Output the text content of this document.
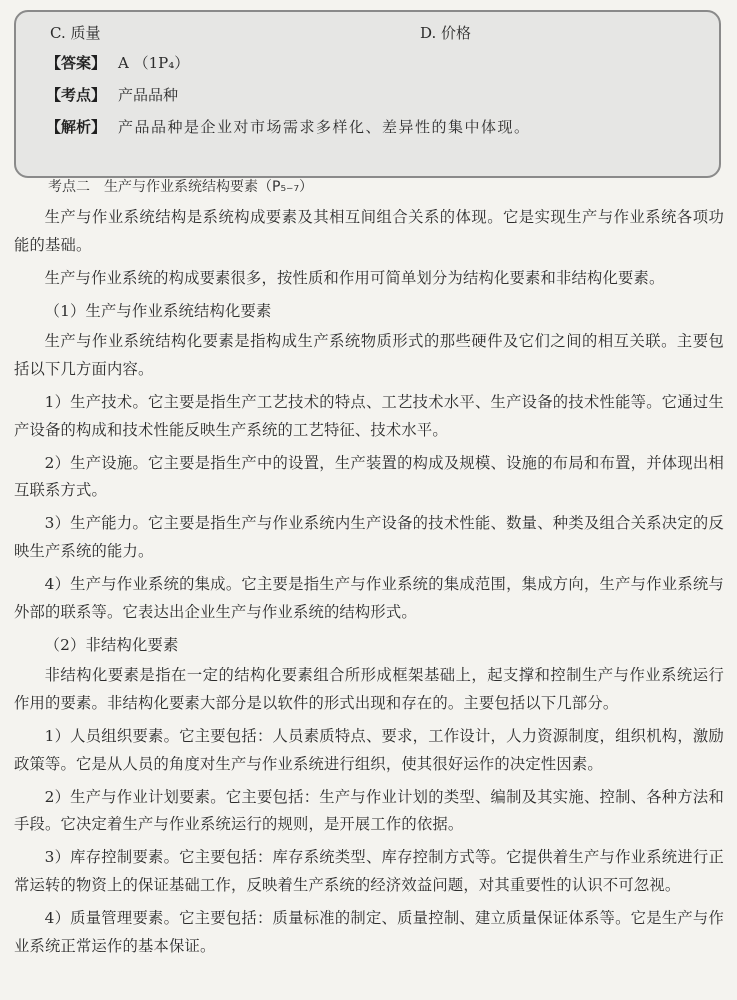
C. 质量	D. 价格
【答案】 A （1P₄）
【考点】 产品品种
【解析】 产品品种是企业对市场需求多样化、差异性的集中体现。
考点二　生产与作业系统结构要素（P₅₋₇）

生产与作业系统结构是系统构成要素及其相互间组合关系的体现。它是实现生产与作业系统各项功能的基础。

生产与作业系统的构成要素很多，按性质和作用可简单划分为结构化要素和非结构化要素。

（1）生产与作业系统结构化要素

生产与作业系统结构化要素是指构成生产系统物质形式的那些硬件及它们之间的相互关联。主要包括以下几方面内容。

1）生产技术。它主要是指生产工艺技术的特点、工艺技术水平、生产设备的技术性能等。它通过生产设备的构成和技术性能反映生产系统的工艺特征、技术水平。

2）生产设施。它主要是指生产中的设置，生产装置的构成及规模、设施的布局和布置，并体现出相互联系方式。

3）生产能力。它主要是指生产与作业系统内生产设备的技术性能、数量、种类及组合关系决定的反映生产系统的能力。

4）生产与作业系统的集成。它主要是指生产与作业系统的集成范围，集成方向，生产与作业系统与外部的联系等。它表达出企业生产与作业系统的结构形式。

（2）非结构化要素

非结构化要素是指在一定的结构化要素组合所形成框架基础上，起支撑和控制生产与作业系统运行作用的要素。非结构化要素大部分是以软件的形式出现和存在的。主要包括以下几部分。

1）人员组织要素。它主要包括：人员素质特点、要求，工作设计，人力资源制度，组织机构，激励政策等。它是从人员的角度对生产与作业系统进行组织，使其很好运作的决定性因素。

2）生产与作业计划要素。它主要包括：生产与作业计划的类型、编制及其实施、控制、各种方法和手段。它决定着生产与作业系统运行的规则，是开展工作的依据。

3）库存控制要素。它主要包括：库存系统类型、库存控制方式等。它提供着生产与作业系统进行正常运转的物资上的保证基础工作，反映着生产系统的经济效益问题，对其重要性的认识不可忽视。

4）质量管理要素。它主要包括：质量标准的制定、质量控制、建立质量保证体系等。它是生产与作业系统正常运作的基本保证。
